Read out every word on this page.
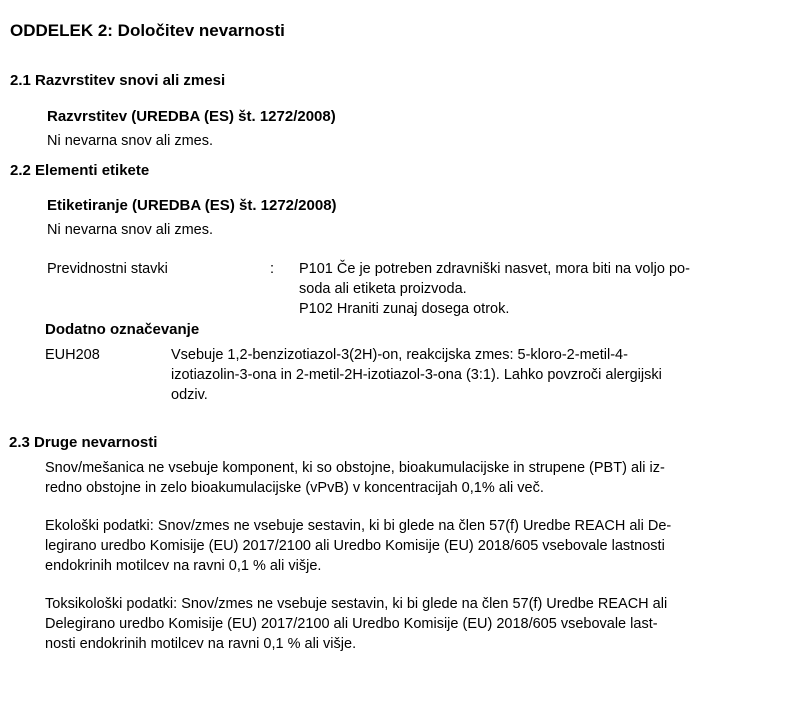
ODDELEK 2: Določitev nevarnosti
2.1 Razvrstitev snovi ali zmesi
Razvrstitev (UREDBA (ES) št. 1272/2008)
Ni nevarna snov ali zmes.
2.2 Elementi etikete
Etiketiranje (UREDBA (ES) št. 1272/2008)
Ni nevarna snov ali zmes.
Previdnostni stavki	: P101 Če je potreben zdravniški nasvet, mora biti na voljo po-
soda ali etiketa proizvoda.
P102 Hraniti zunaj dosega otrok.
Dodatno označevanje
EUH208	Vsebuje 1,2-benzizotiazol-3(2H)-on, reakcijska zmes: 5-kloro-2-metil-4-
izotiazolin-3-ona in 2-metil-2H-izotiazol-3-ona (3:1). Lahko povzroči alergijski
odziv.
2.3 Druge nevarnosti
Snov/mešanica ne vsebuje komponent, ki so obstojne, bioakumulacijske in strupene (PBT) ali iz-
redno obstojne in zelo bioakumulacijske (vPvB) v koncentracijah 0,1% ali več.
Ekološki podatki: Snov/zmes ne vsebuje sestavin, ki bi glede na člen 57(f) Uredbe REACH ali De-
legirano uredbo Komisije (EU) 2017/2100 ali Uredbo Komisije (EU) 2018/605 vsebovale lastnosti
endokrinih motilcev na ravni 0,1 % ali višje.
Toksikološki podatki: Snov/zmes ne vsebuje sestavin, ki bi glede na člen 57(f) Uredbe REACH ali
Delegirano uredbo Komisije (EU) 2017/2100 ali Uredbo Komisije (EU) 2018/605 vsebovale last-
nosti endokrinih motilcev na ravni 0,1 % ali višje.
